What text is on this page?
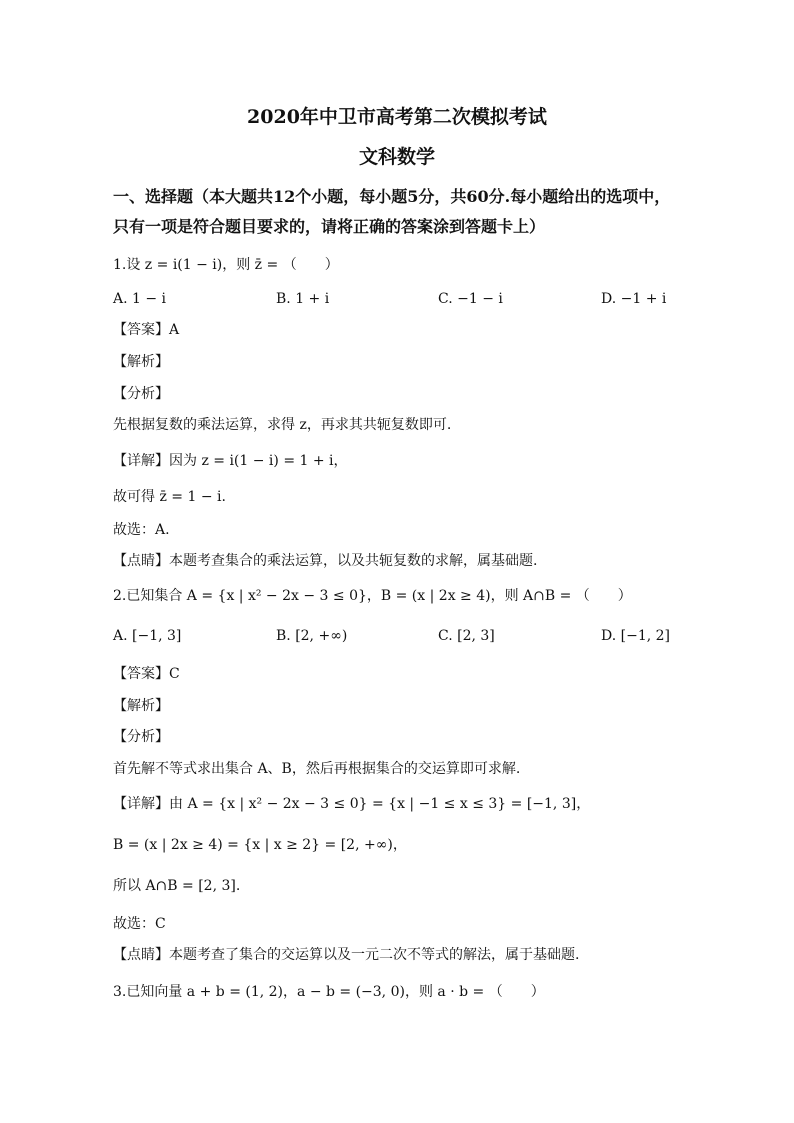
2020年中卫市高考第二次模拟考试
文科数学
一、选择题（本大题共12个小题，每小题5分，共60分.每小题给出的选项中，
只有一项是符合题目要求的，请将正确的答案涂到答题卡上）
1.设 z = i(1 − i)，则 z̄ = （　　）
A. 1 − i	B. 1 + i	C. −1 − i	D. −1 + i
【答案】A
【解析】
【分析】
先根据复数的乘法运算，求得 z，再求其共轭复数即可.
【详解】因为 z = i(1 − i) = 1 + i，
故可得 z̄ = 1 − i.
故选：A.
【点睛】本题考查集合的乘法运算，以及共轭复数的求解，属基础题.
2.已知集合 A = {x | x² − 2x − 3 ≤ 0}，B = (x | 2x ≥ 4)，则 A∩B = （　　）
A. [−1, 3]	B. [2, +∞)	C. [2, 3]	D. [−1, 2]
【答案】C
【解析】
【分析】
首先解不等式求出集合 A、B，然后再根据集合的交运算即可求解.
【详解】由 A = {x | x² − 2x − 3 ≤ 0} = {x | −1 ≤ x ≤ 3} = [−1, 3]，
B = (x | 2x ≥ 4) = {x | x ≥ 2} = [2, +∞)，
所以 A∩B = [2, 3].
故选：C
【点睛】本题考查了集合的交运算以及一元二次不等式的解法，属于基础题.
3.已知向量 a + b = (1, 2)，a − b = (−3, 0)，则 a · b = （　　）
